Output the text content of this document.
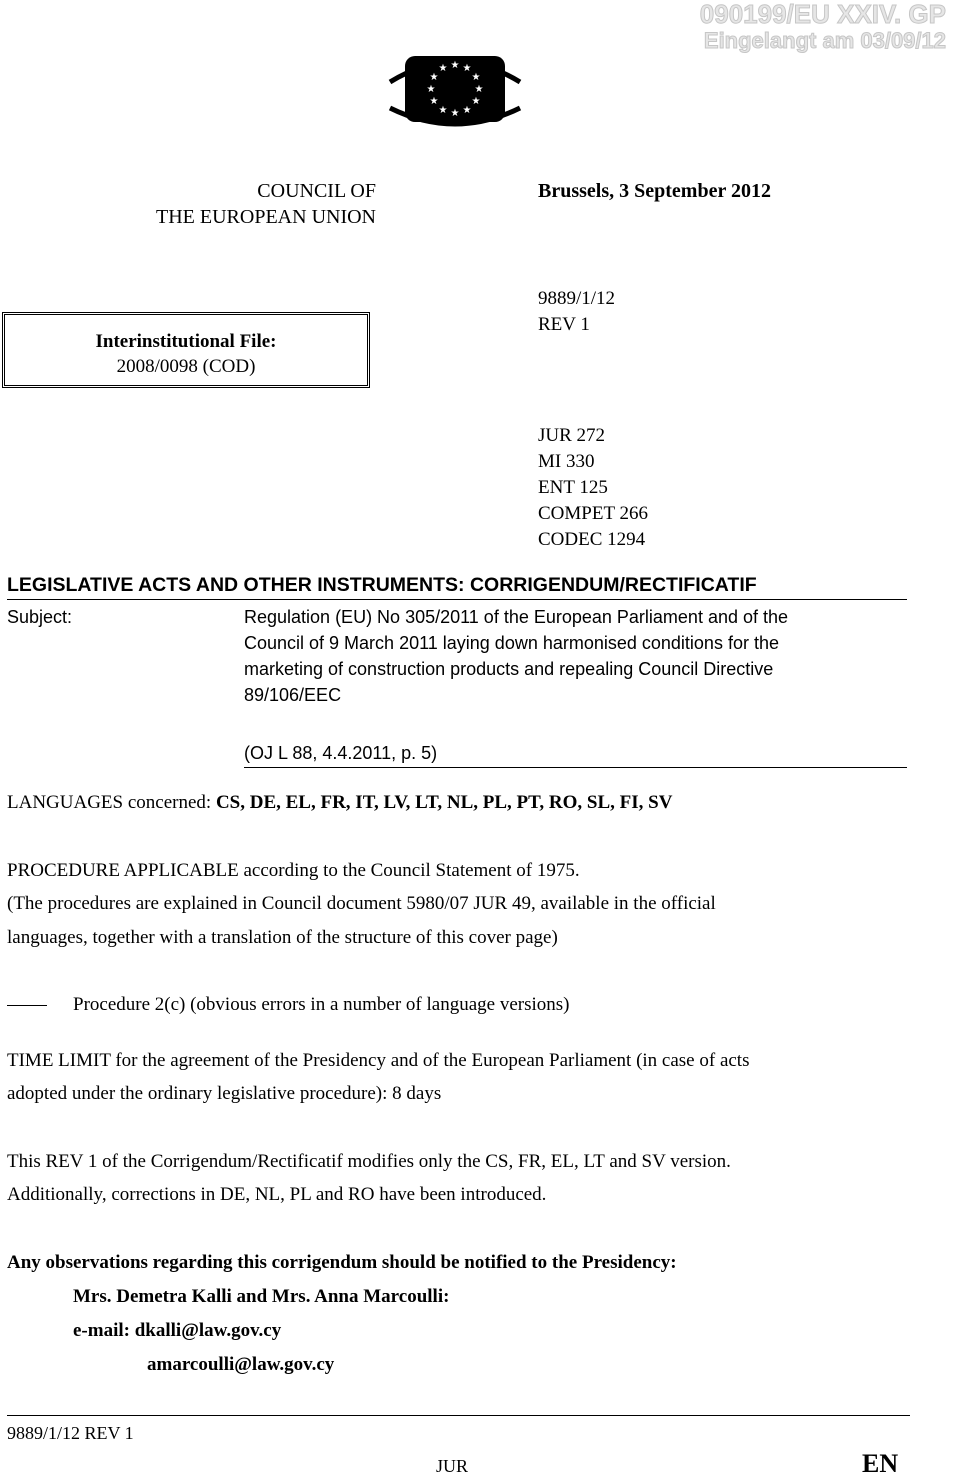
090199/EU XXIV. GP
Eingelangt am 03/09/12
★ ★
★
★
★
★
★
★
★
★
★
★
COUNCIL OF
THE EUROPEAN UNION
Brussels, 3 September 2012
Interinstitutional File:
2008/0098 (COD)
9889/1/12
REV 1
JUR 272
MI 330
ENT 125
COMPET 266
CODEC 1294
LEGISLATIVE ACTS AND OTHER INSTRUMENTS: CORRIGENDUM/RECTIFICATIF
Subject:	Regulation (EU) No 305/2011 of the European Parliament and of the
Council of 9 March 2011 laying down harmonised conditions for the
marketing of construction products and repealing Council Directive
89/106/EEC
(OJ L 88, 4.4.2011, p. 5)
LANGUAGES concerned: CS, DE, EL, FR, IT, LV, LT, NL, PL, PT, RO, SL, FI, SV
PROCEDURE APPLICABLE according to the Council Statement of 1975.
(The procedures are explained in Council document 5980/07 JUR 49, available in the official
languages, together with a translation of the structure of this cover page)
Procedure 2(c) (obvious errors in a number of language versions)
TIME LIMIT for the agreement of the Presidency and of the European Parliament (in case of acts
adopted under the ordinary legislative procedure): 8 days
This REV 1 of the Corrigendum/Rectificatif modifies only the CS, FR, EL, LT and SV version.
Additionally, corrections in DE, NL, PL and RO have been introduced.
Any observations regarding this corrigendum should be notified to the Presidency:
Mrs. Demetra Kalli and Mrs. Anna Marcoulli:
e-mail: dkalli@law.gov.cy
amarcoulli@law.gov.cy
9889/1/12 REV 1
JUR	EN
